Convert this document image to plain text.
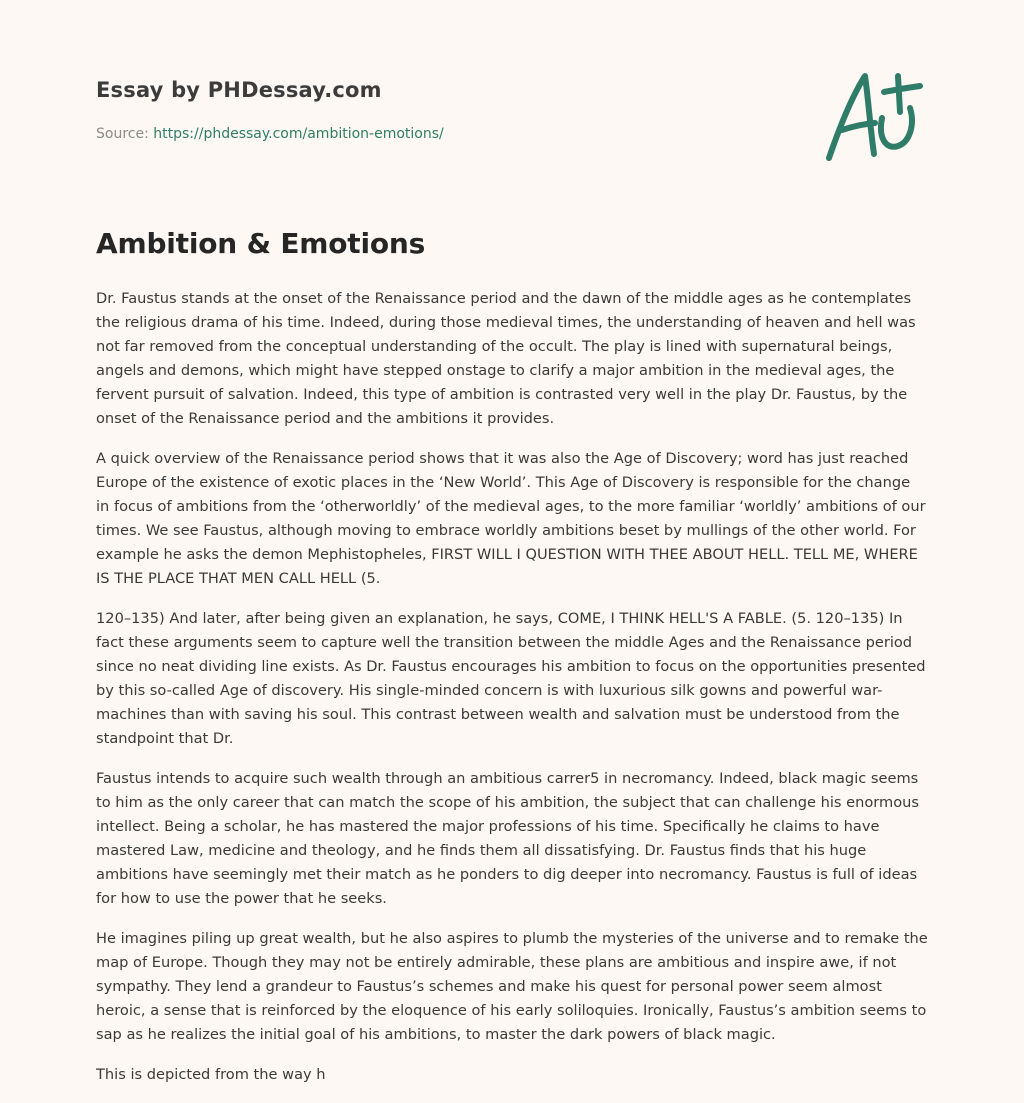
Essay by PHDessay.com
Source: https://phdessay.com/ambition-emotions/
Ambition & Emotions

Dr. Faustus stands at the onset of the Renaissance period and the dawn of the middle ages as he contemplates the religious drama of his time. Indeed, during those medieval times, the understanding of heaven and hell was not far removed from the conceptual understanding of the occult. The play is lined with supernatural beings, angels and demons, which might have stepped onstage to clarify a major ambition in the medieval ages, the fervent pursuit of salvation. Indeed, this type of ambition is contrasted very well in the play Dr. Faustus, by the onset of the Renaissance period and the ambitions it provides.

A quick overview of the Renaissance period shows that it was also the Age of Discovery; word has just reached Europe of the existence of exotic places in the ‘New World’. This Age of Discovery is responsible for the change in focus of ambitions from the ‘otherworldly’ of the medieval ages, to the more familiar ‘worldly’ ambitions of our times. We see Faustus, although moving to embrace worldly ambitions beset by mullings of the other world. For example he asks the demon Mephistopheles, FIRST WILL I QUESTION WITH THEE ABOUT HELL. TELL ME, WHERE IS THE PLACE THAT MEN CALL HELL (5.

120–135) And later, after being given an explanation, he says, COME, I THINK HELL'S A FABLE. (5. 120–135) In fact these arguments seem to capture well the transition between the middle Ages and the Renaissance period since no neat dividing line exists. As Dr. Faustus encourages his ambition to focus on the opportunities presented by this so-called Age of discovery. His single-minded concern is with luxurious silk gowns and powerful war-machines than with saving his soul. This contrast between wealth and salvation must be understood from the standpoint that Dr.

Faustus intends to acquire such wealth through an ambitious carrer5 in necromancy. Indeed, black magic seems to him as the only career that can match the scope of his ambition, the subject that can challenge his enormous intellect. Being a scholar, he has mastered the major professions of his time. Specifically he claims to have mastered Law, medicine and theology, and he finds them all dissatisfying. Dr. Faustus finds that his huge ambitions have seemingly met their match as he ponders to dig deeper into necromancy. Faustus is full of ideas for how to use the power that he seeks.

He imagines piling up great wealth, but he also aspires to plumb the mysteries of the universe and to remake the map of Europe. Though they may not be entirely admirable, these plans are ambitious and inspire awe, if not sympathy. They lend a grandeur to Faustus’s schemes and make his quest for personal power seem almost heroic, a sense that is reinforced by the eloquence of his early soliloquies. Ironically, Faustus’s ambition seems to sap as he realizes the initial goal of his ambitions, to master the dark powers of black magic.

This is depicted from the way h
